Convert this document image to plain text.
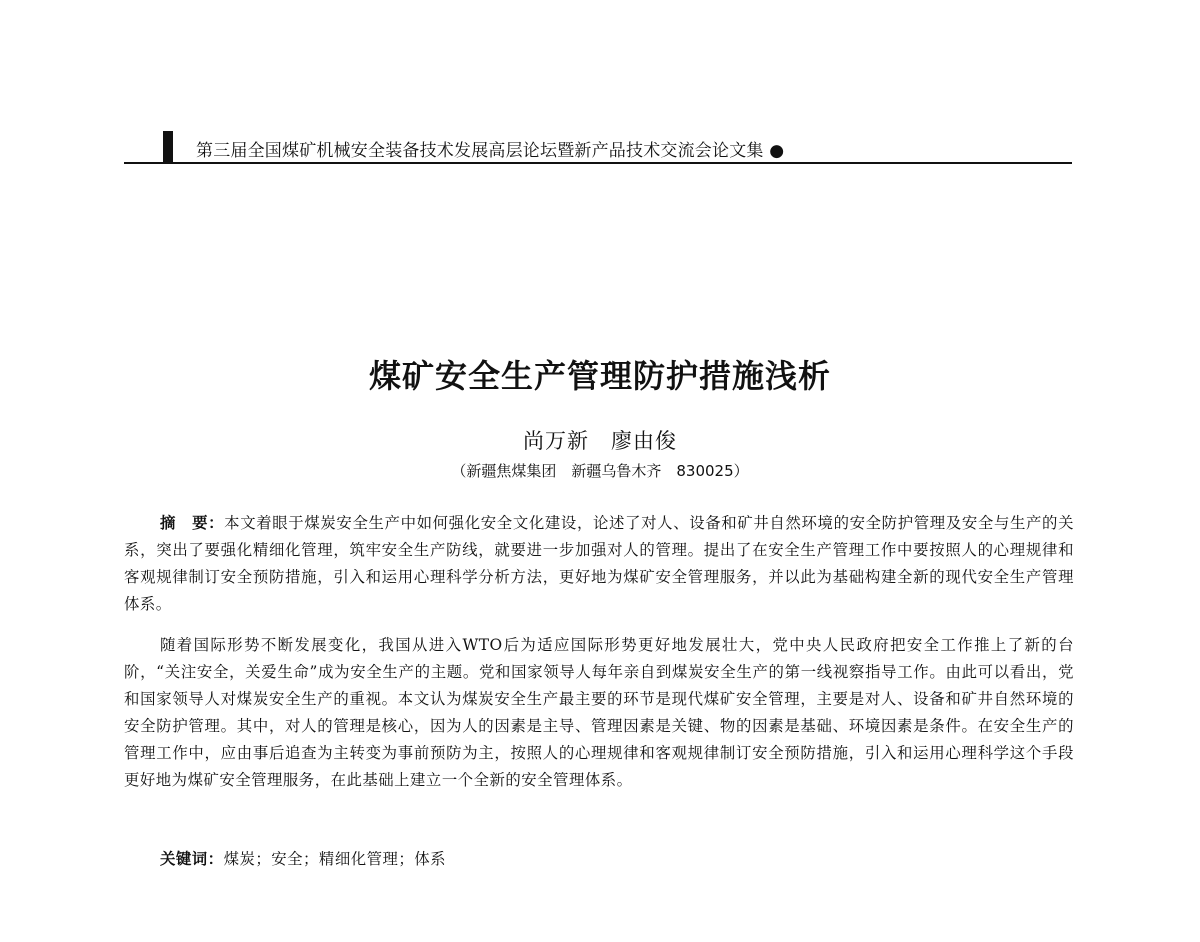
第三届全国煤矿机械安全装备技术发展高层论坛暨新产品技术交流会论文集 ●
煤矿安全生产管理防护措施浅析
尚万新　廖由俊
（新疆焦煤集团　新疆乌鲁木齐　830025）
摘　要：本文着眼于煤炭安全生产中如何强化安全文化建设，论述了对人、设备和矿井自然环境的安全防护管理及安全与生产的关系，突出了要强化精细化管理，筑牢安全生产防线，就要进一步加强对人的管理。提出了在安全生产管理工作中要按照人的心理规律和客观规律制订安全预防措施，引入和运用心理科学分析方法，更好地为煤矿安全管理服务，并以此为基础构建全新的现代安全生产管理体系。
随着国际形势不断发展变化，我国从进入WTO后为适应国际形势更好地发展壮大，党中央人民政府把安全工作推上了新的台阶，“关注安全，关爱生命”成为安全生产的主题。党和国家领导人每年亲自到煤炭安全生产的第一线视察指导工作。由此可以看出，党和国家领导人对煤炭安全生产的重视。本文认为煤炭安全生产最主要的环节是现代煤矿安全管理，主要是对人、设备和矿井自然环境的安全防护管理。其中，对人的管理是核心，因为人的因素是主导、管理因素是关键、物的因素是基础、环境因素是条件。在安全生产的管理工作中，应由事后追查为主转变为事前预防为主，按照人的心理规律和客观规律制订安全预防措施，引入和运用心理科学这个手段更好地为煤矿安全管理服务，在此基础上建立一个全新的安全管理体系。
关键词：煤炭；安全；精细化管理；体系
